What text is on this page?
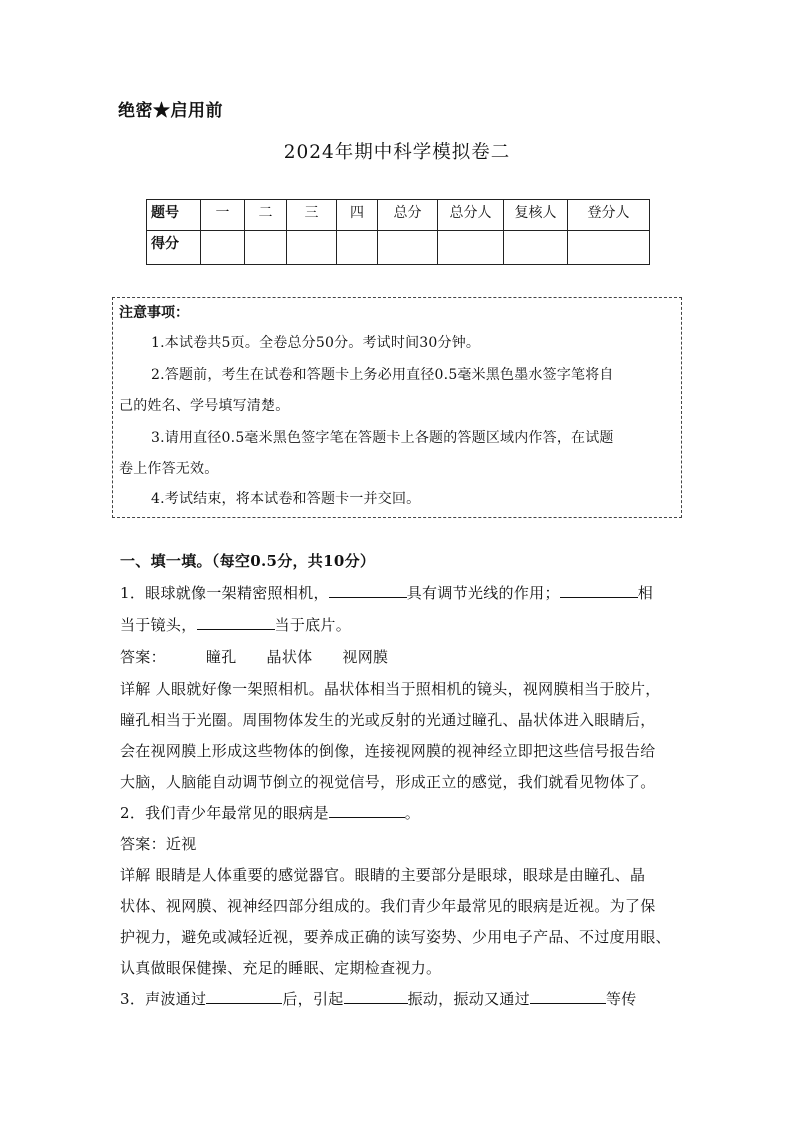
绝密★启用前
2024年期中科学模拟卷二
题号	一	二	三	四	总分	总分人	复核人	登分人
得分								
注意事项：
1.本试卷共5页。全卷总分50分。考试时间30分钟。
2.答题前，考生在试卷和答题卡上务必用直径0.5毫米黑色墨水签字笔将自
己的姓名、学号填写清楚。
3.请用直径0.5毫米黑色签字笔在答题卡上各题的答题区域内作答，在试题
卷上作答无效。
4.考试结束，将本试卷和答题卡一并交回。
一、填一填。（每空0.5分，共10分）
1．眼球就像一架精密照相机，	具有调节光线的作用；	相
当于镜头，	当于底片。
答案：	瞳孔 晶状体 视网膜
详解 人眼就好像一架照相机。晶状体相当于照相机的镜头，视网膜相当于胶片，
瞳孔相当于光圈。周围物体发生的光或反射的光通过瞳孔、晶状体进入眼睛后，
会在视网膜上形成这些物体的倒像，连接视网膜的视神经立即把这些信号报告给
大脑，人脑能自动调节倒立的视觉信号，形成正立的感觉，我们就看见物体了。
2．我们青少年最常见的眼病是	。
答案：近视
详解 眼睛是人体重要的感觉器官。眼睛的主要部分是眼球，眼球是由瞳孔、晶
状体、视网膜、视神经四部分组成的。我们青少年最常见的眼病是近视。为了保
护视力，避免或减轻近视，要养成正确的读写姿势、少用电子产品、不过度用眼、
认真做眼保健操、充足的睡眠、定期检查视力。
3．声波通过	后，引起	振动，振动又通过	等传
